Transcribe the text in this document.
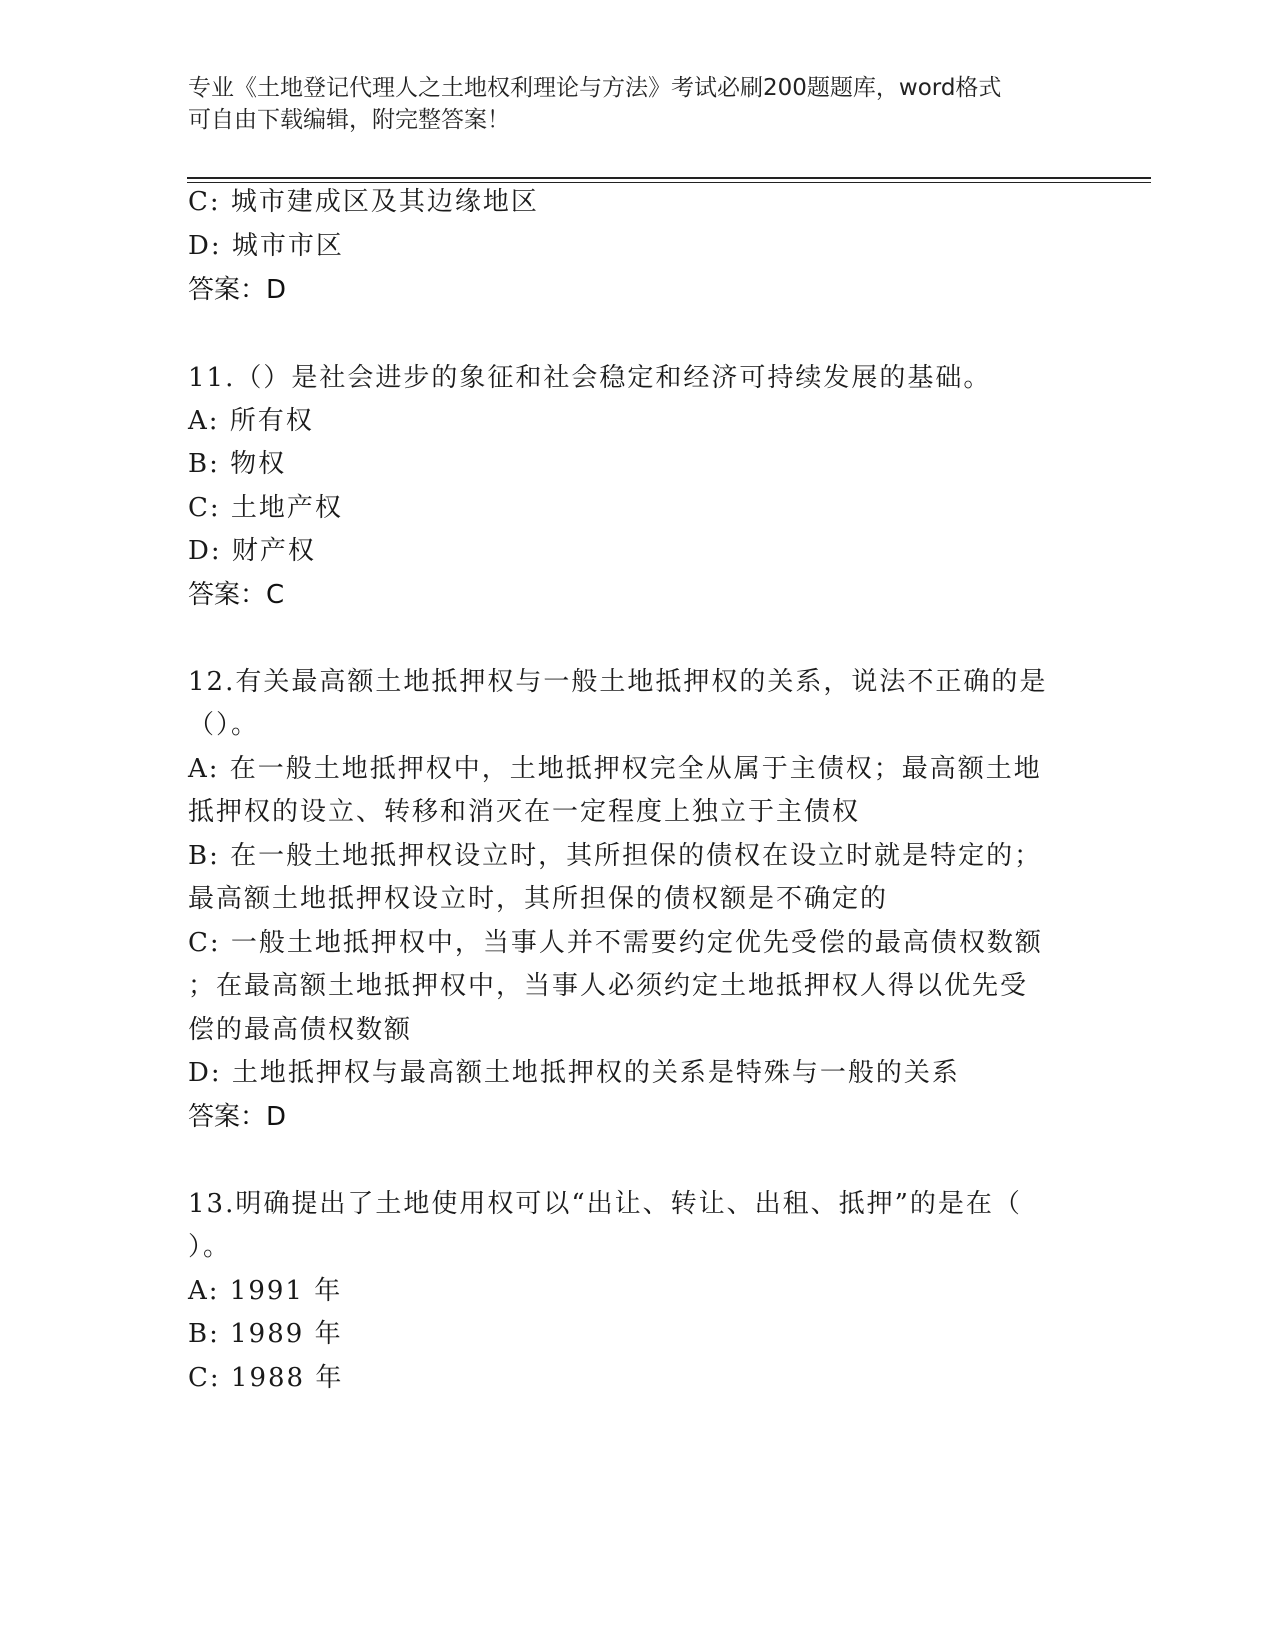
专业《土地登记代理人之土地权利理论与方法》考试必刷200题题库，word格式
可自由下载编辑，附完整答案！
C: 城市建成区及其边缘地区
D: 城市市区
答案：D
11.（）是社会进步的象征和社会稳定和经济可持续发展的基础。
A: 所有权
B: 物权
C: 土地产权
D: 财产权
答案：C
12.有关最高额土地抵押权与一般土地抵押权的关系，说法不正确的是
（）。
A: 在一般土地抵押权中，土地抵押权完全从属于主债权；最高额土地
抵押权的设立、转移和消灭在一定程度上独立于主债权
B: 在一般土地抵押权设立时，其所担保的债权在设立时就是特定的；
最高额土地抵押权设立时，其所担保的债权额是不确定的
C: 一般土地抵押权中，当事人并不需要约定优先受偿的最高债权数额
；在最高额土地抵押权中，当事人必须约定土地抵押权人得以优先受
偿的最高债权数额
D: 土地抵押权与最高额土地抵押权的关系是特殊与一般的关系
答案：D
13.明确提出了土地使用权可以“出让、转让、出租、抵押”的是在（
）。
A: 1991 年
B: 1989 年
C: 1988 年
